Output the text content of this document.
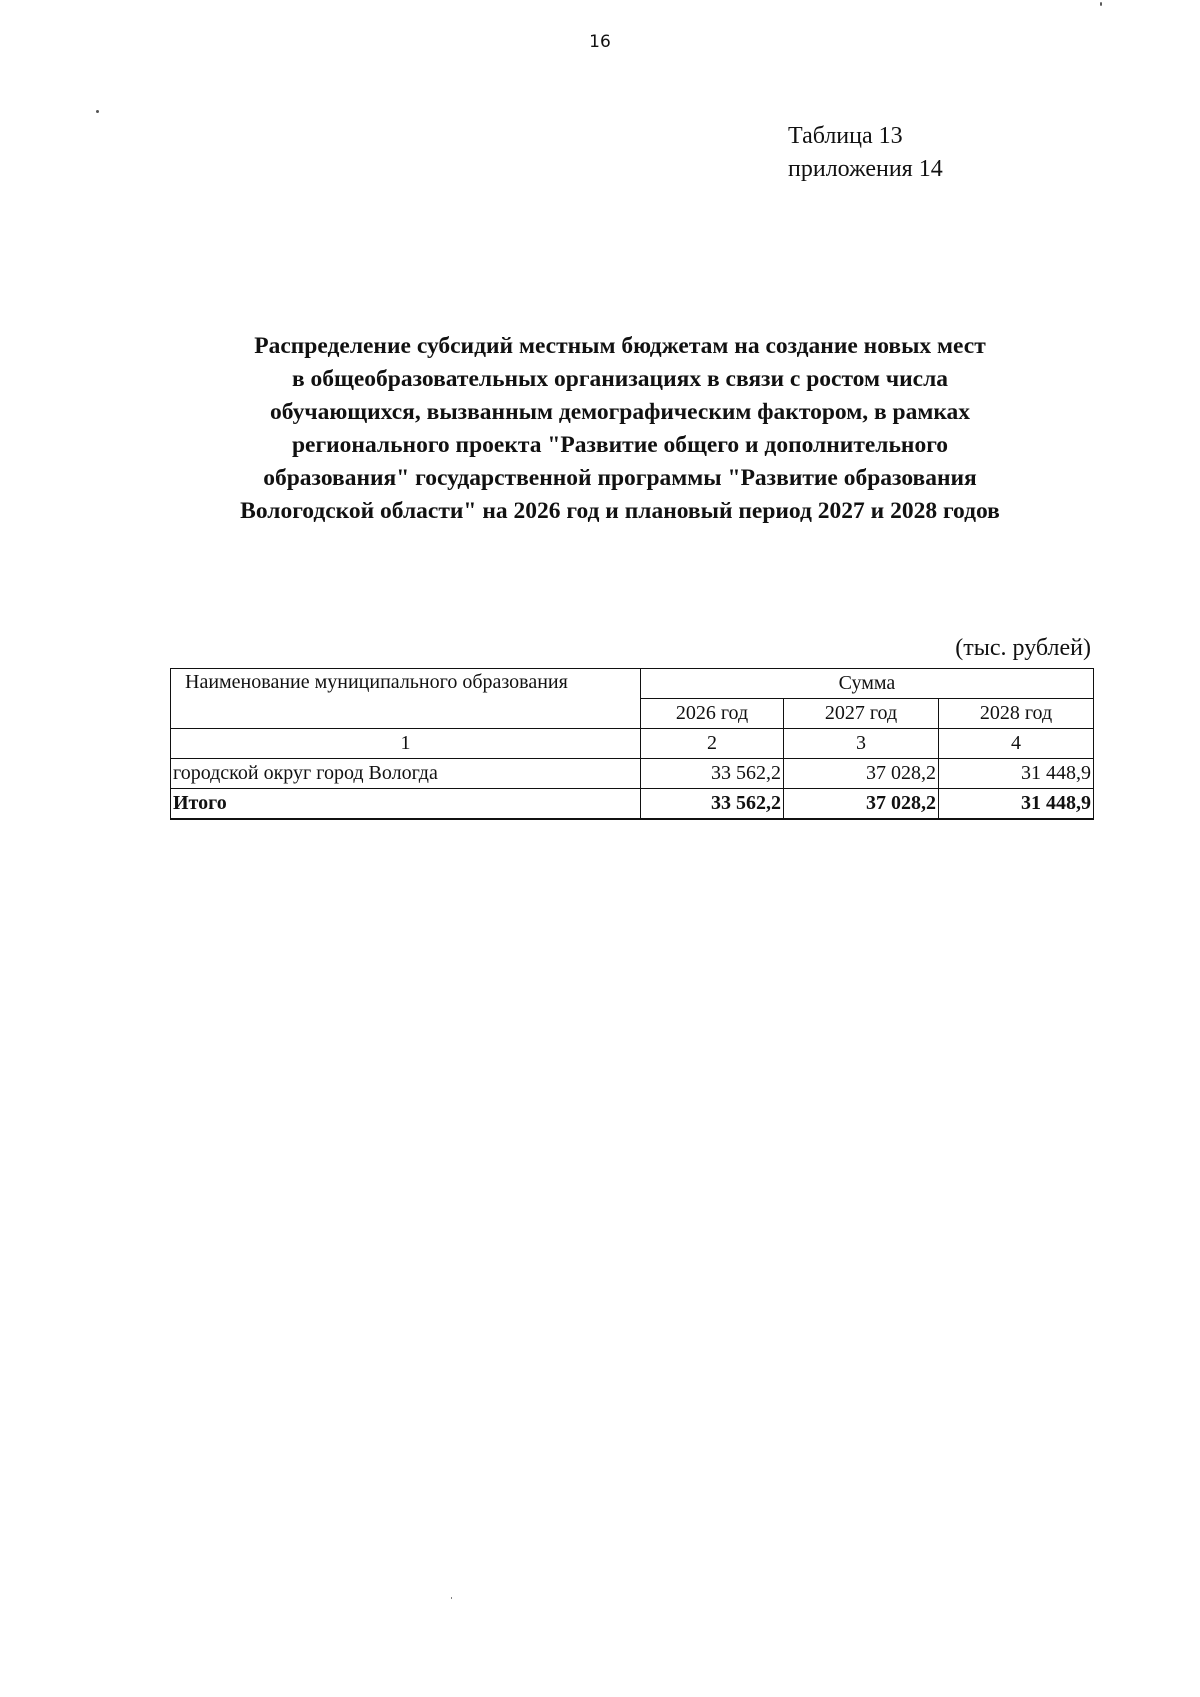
16
Таблица 13
приложения 14
Распределение субсидий местным бюджетам на создание новых мест
в общеобразовательных организациях в связи с ростом числа
обучающихся, вызванным демографическим фактором, в рамках
регионального проекта "Развитие общего и дополнительного
образования" государственной программы "Развитие образования
Вологодской области" на 2026 год и плановый период 2027 и 2028 годов
(тыс. рублей)
Наименование муниципального образования	Сумма		
	2026 год	2027 год	2028 год
1	2	3	4
городской округ город Вологда	33 562,2	37 028,2	31 448,9
Итого	33 562,2	37 028,2	31 448,9
